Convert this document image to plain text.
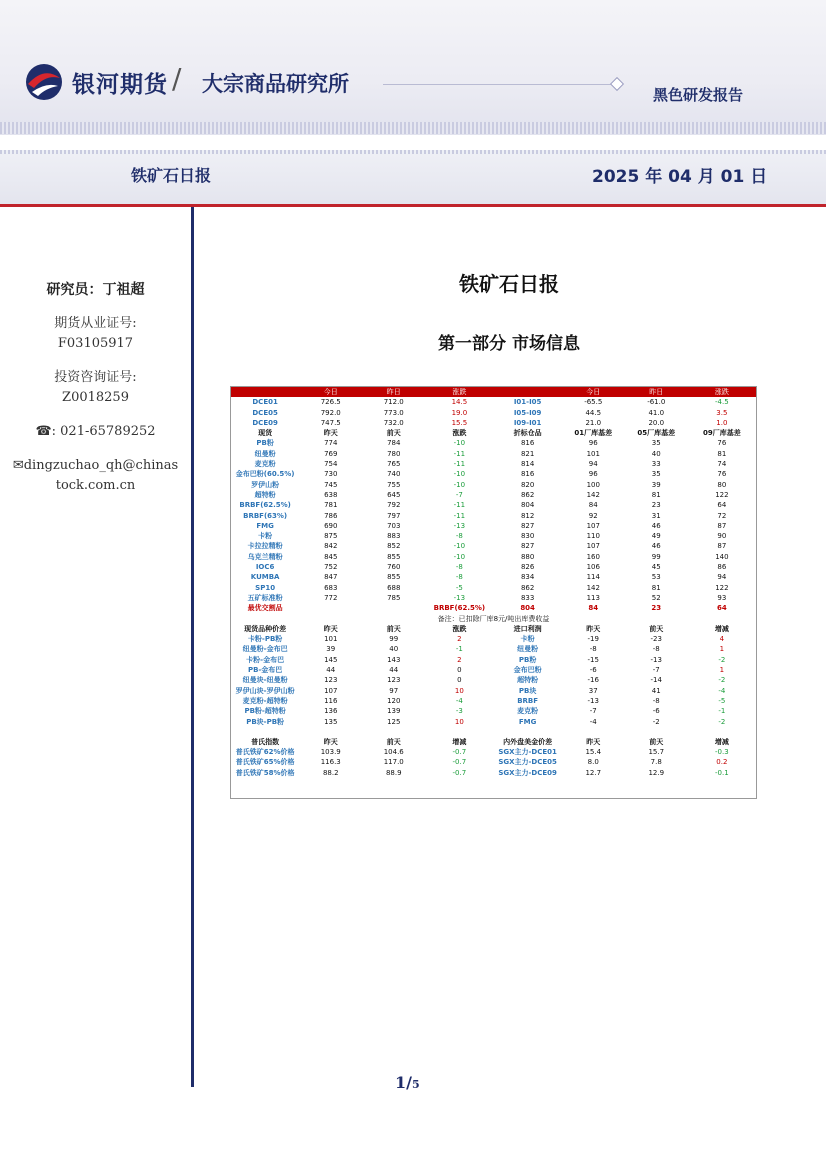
银河期货 / 大宗商品研究所	黑色研发报告
铁矿石日报	2025 年 04 月 01 日

研究员：丁祖超

期货从业证号:

F03105917

投资咨询证号:

Z0018259

☎: 021-65789252

✉dingzuchao_qh@chinas

tock.com.cn

铁矿石日报
第一部分 市场信息
	今日	昨日	涨跌		今日	昨日	涨跌
DCE01	726.5	712.0	14.5	I01-I05	-65.5	-61.0	-4.5
DCE05	792.0	773.0	19.0	I05-I09	44.5	41.0	3.5
DCE09	747.5	732.0	15.5	I09-I01	21.0	20.0	1.0
现货	昨天	前天	涨跌	折标仓品	01厂库基差	05厂库基差	09厂库基差
PB粉	774	784	-10	816	96	35	76
纽曼粉	769	780	-11	821	101	40	81
麦克粉	754	765	-11	814	94	33	74
金布巴粉(60.5%)	730	740	-10	816	96	35	76
罗伊山粉	745	755	-10	820	100	39	80
超特粉	638	645	-7	862	142	81	122
BRBF(62.5%)	781	792	-11	804	84	23	64
BRBF(63%)	786	797	-11	812	92	31	72
FMG	690	703	-13	827	107	46	87
卡粉	875	883	-8	830	110	49	90
卡拉拉精粉	842	852	-10	827	107	46	87
乌克兰精粉	845	855	-10	880	160	99	140
IOC6	752	760	-8	826	106	45	86
KUMBA	847	855	-8	834	114	53	94
SP10	683	688	-5	862	142	81	122
五矿标准粉	772	785	-13	833	113	52	93
最优交割品			BRBF(62.5%)	804	84	23	64
备注：已扣除厂库8元/吨出库费收益							
现货品种价差	昨天	前天	涨跌	进口利润	昨天	前天	增减
卡粉-PB粉	101	99	2	卡粉	-19	-23	4
纽曼粉-金布巴	39	40	-1	纽曼粉	-8	-8	1
卡粉-金布巴	145	143	2	PB粉	-15	-13	-2
PB-金布巴	44	44	0	金布巴粉	-6	-7	1
纽曼块-纽曼粉	123	123	0	超特粉	-16	-14	-2
罗伊山块-罗伊山粉	107	97	10	PB块	37	41	-4
麦克粉-超特粉	116	120	-4	BRBF	-13	-8	-5
PB粉-超特粉	136	139	-3	麦克粉	-7	-6	-1
PB块-PB粉	135	125	10	FMG	-4	-2	-2

普氏指数	昨天	前天	增减	内外盘美金价差	昨天	前天	增减
普氏铁矿62%价格	103.9	104.6	-0.7	SGX主力-DCE01	15.4	15.7	-0.3
普氏铁矿65%价格	116.3	117.0	-0.7	SGX主力-DCE05	8.0	7.8	0.2
普氏铁矿58%价格	88.2	88.9	-0.7	SGX主力-DCE09	12.7	12.9	-0.1
1/5
